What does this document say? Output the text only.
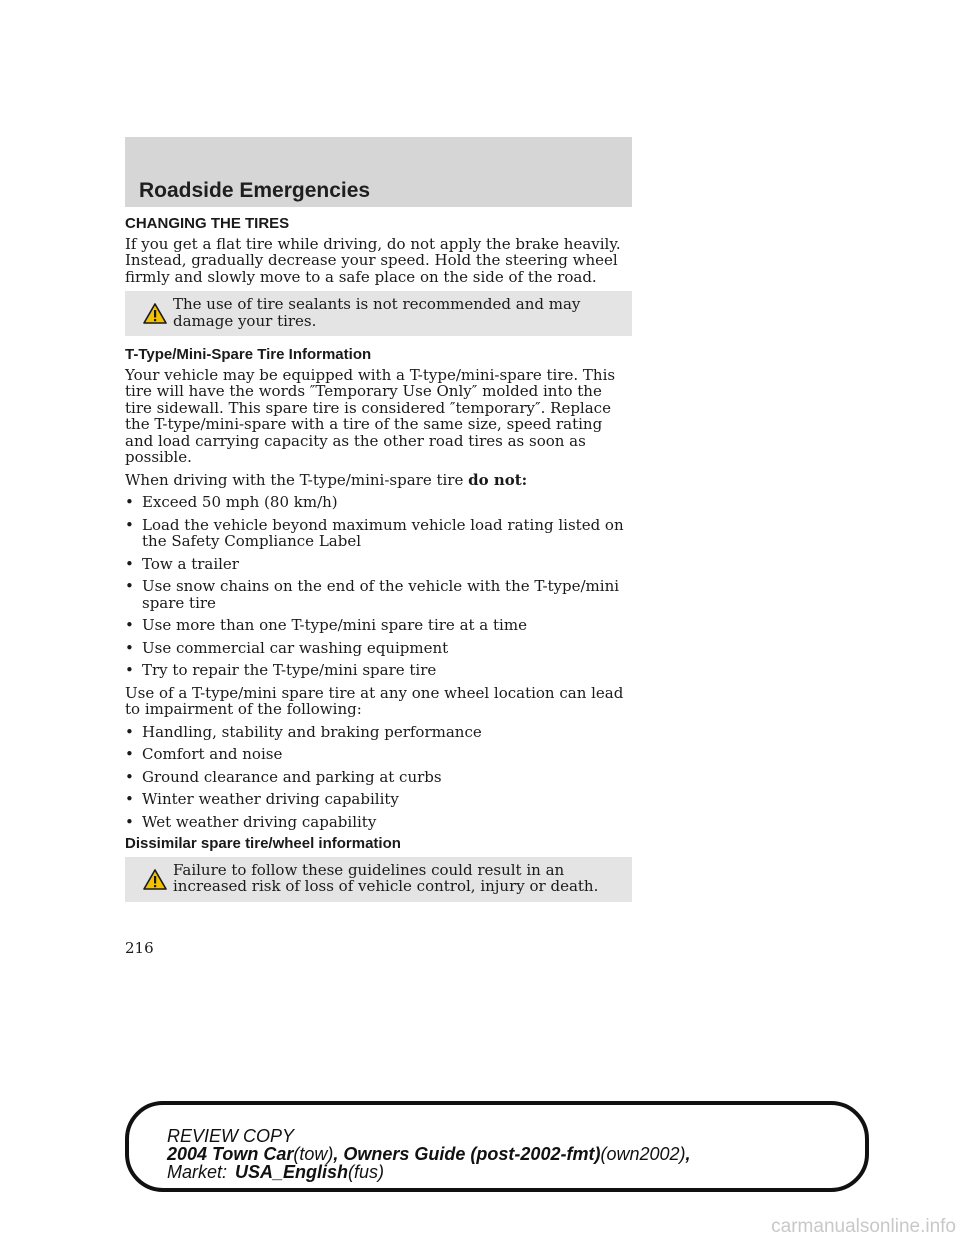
Roadside Emergencies
CHANGING THE TIRES

If you get a flat tire while driving, do not apply the brake heavily. Instead, gradually decrease your speed. Hold the steering wheel firmly and slowly move to a safe place on the side of the road.

The use of tire sealants is not recommended and may damage your tires.
T-Type/Mini-Spare Tire Information

Your vehicle may be equipped with a T-type/mini-spare tire. This tire will have the words ″Temporary Use Only″ molded into the tire sidewall. This spare tire is considered ″temporary″. Replace the T-type/mini-spare with a tire of the same size, speed rating and load carrying capacity as the other road tires as soon as possible.

When driving with the T-type/mini-spare tire do not:

• Exceed 50 mph (80 km/h)
• Load the vehicle beyond maximum vehicle load rating listed on the Safety Compliance Label
• Tow a trailer
• Use snow chains on the end of the vehicle with the T-type/mini spare tire
• Use more than one T-type/mini spare tire at a time
• Use commercial car washing equipment
• Try to repair the T-type/mini spare tire

Use of a T-type/mini spare tire at any one wheel location can lead to impairment of the following:

• Handling, stability and braking performance
• Comfort and noise
• Ground clearance and parking at curbs
• Winter weather driving capability
• Wet weather driving capability
Dissimilar spare tire/wheel information
Failure to follow these guidelines could result in an increased risk of loss of vehicle control, injury or death.
216
REVIEW COPY
2004 Town Car(tow), Owners Guide (post-2002-fmt)(own2002),
Market: USA_English(fus)
carmanualsonline.info
